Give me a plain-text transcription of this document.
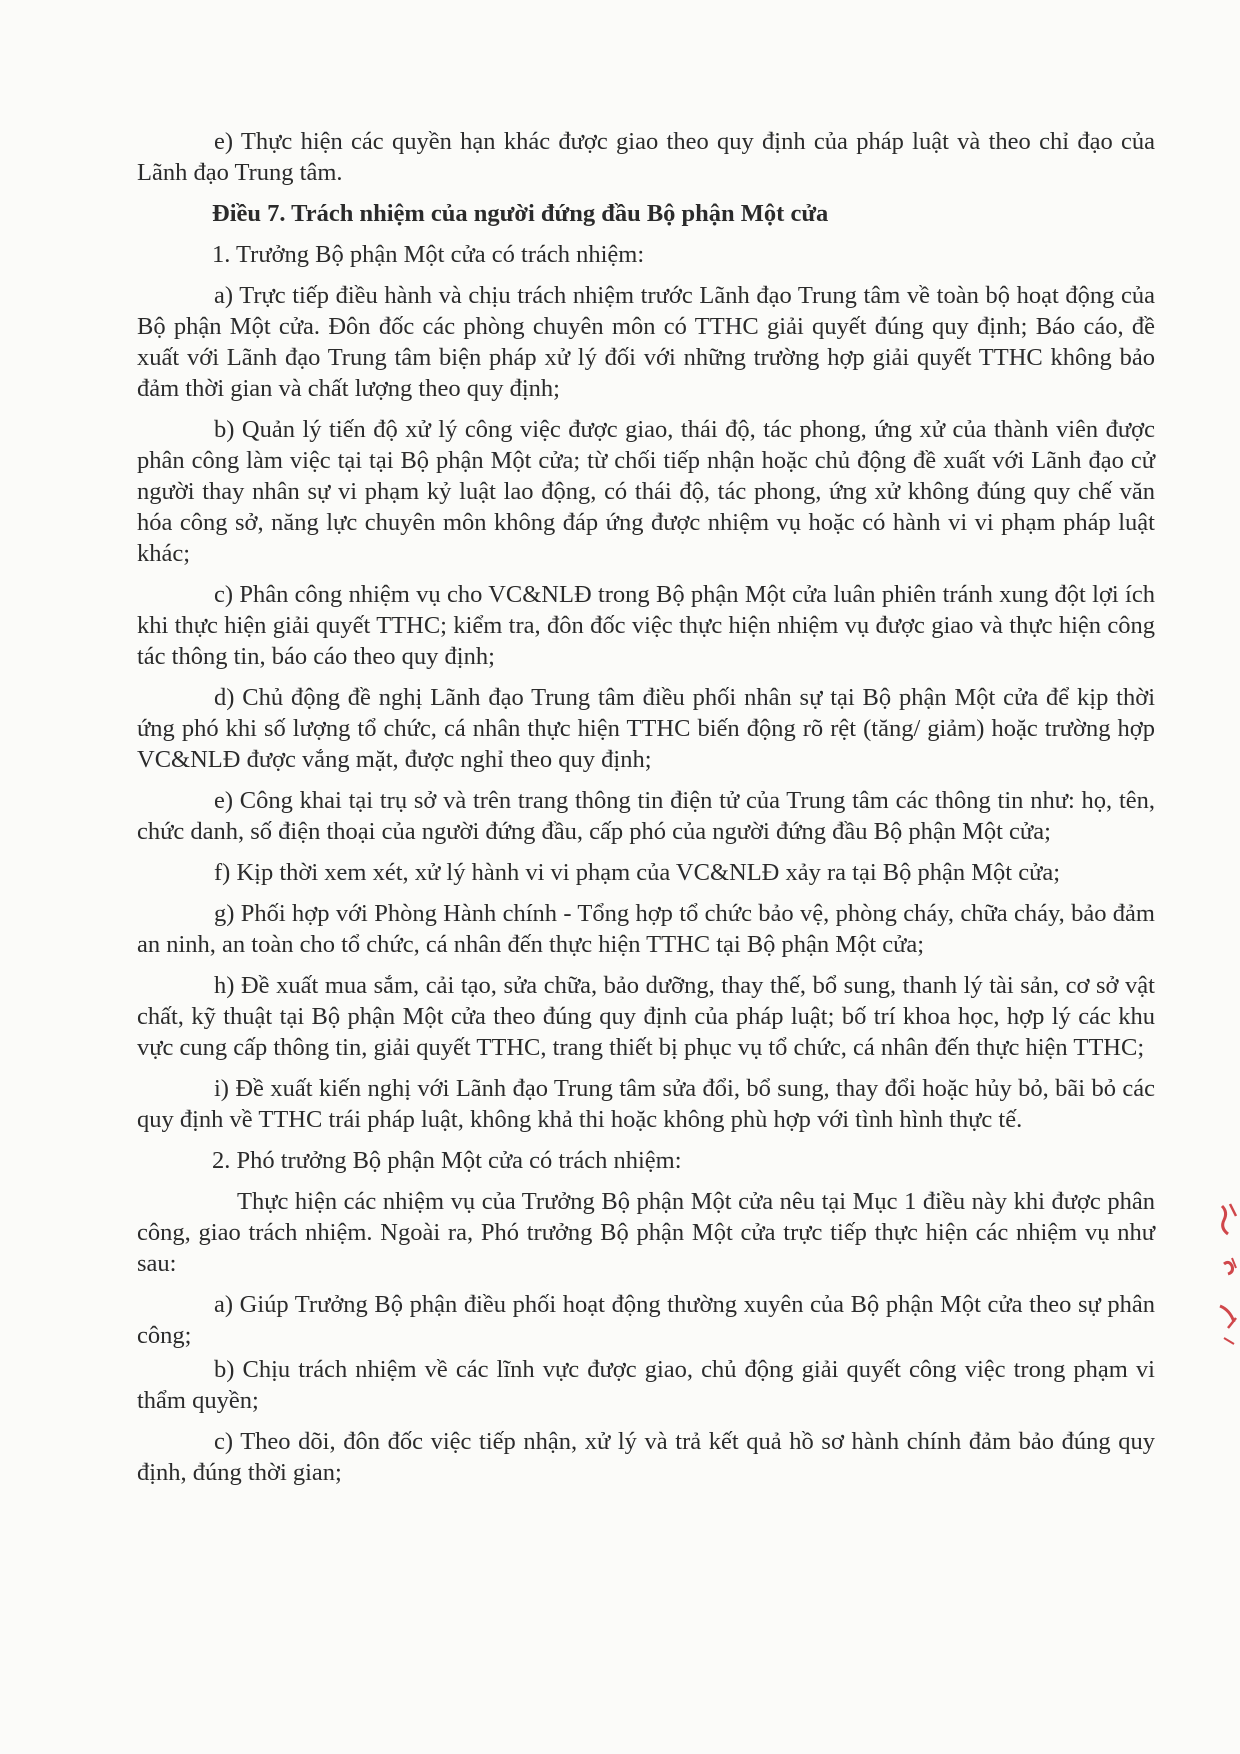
e) Thực hiện các quyền hạn khác được giao theo quy định của pháp luật và theo chỉ đạo của Lãnh đạo Trung tâm.

Điều 7. Trách nhiệm của người đứng đầu Bộ phận Một cửa

1. Trưởng Bộ phận Một cửa có trách nhiệm:

a) Trực tiếp điều hành và chịu trách nhiệm trước Lãnh đạo Trung tâm về toàn bộ hoạt động của Bộ phận Một cửa. Đôn đốc các phòng chuyên môn có TTHC giải quyết đúng quy định; Báo cáo, đề xuất với Lãnh đạo Trung tâm biện pháp xử lý đối với những trường hợp giải quyết TTHC không bảo đảm thời gian và chất lượng theo quy định;

b) Quản lý tiến độ xử lý công việc được giao, thái độ, tác phong, ứng xử của thành viên được phân công làm việc tại tại Bộ phận Một cửa; từ chối tiếp nhận hoặc chủ động đề xuất với Lãnh đạo cử người thay nhân sự vi phạm kỷ luật lao động, có thái độ, tác phong, ứng xử không đúng quy chế văn hóa công sở, năng lực chuyên môn không đáp ứng được nhiệm vụ hoặc có hành vi vi phạm pháp luật khác;

c) Phân công nhiệm vụ cho VC&NLĐ trong Bộ phận Một cửa luân phiên tránh xung đột lợi ích khi thực hiện giải quyết TTHC; kiểm tra, đôn đốc việc thực hiện nhiệm vụ được giao và thực hiện công tác thông tin, báo cáo theo quy định;

d) Chủ động đề nghị Lãnh đạo Trung tâm điều phối nhân sự tại Bộ phận Một cửa để kịp thời ứng phó khi số lượng tổ chức, cá nhân thực hiện TTHC biến động rõ rệt (tăng/ giảm) hoặc trường hợp VC&NLĐ được vắng mặt, được nghỉ theo quy định;

e) Công khai tại trụ sở và trên trang thông tin điện tử của Trung tâm các thông tin như: họ, tên, chức danh, số điện thoại của người đứng đầu, cấp phó của người đứng đầu Bộ phận Một cửa;

f) Kịp thời xem xét, xử lý hành vi vi phạm của VC&NLĐ xảy ra tại Bộ phận Một cửa;

g) Phối hợp với Phòng Hành chính - Tổng hợp tổ chức bảo vệ, phòng cháy, chữa cháy, bảo đảm an ninh, an toàn cho tổ chức, cá nhân đến thực hiện TTHC tại Bộ phận Một cửa;

h) Đề xuất mua sắm, cải tạo, sửa chữa, bảo dưỡng, thay thế, bổ sung, thanh lý tài sản, cơ sở vật chất, kỹ thuật tại Bộ phận Một cửa theo đúng quy định của pháp luật; bố trí khoa học, hợp lý các khu vực cung cấp thông tin, giải quyết TTHC, trang thiết bị phục vụ tổ chức, cá nhân đến thực hiện TTHC;

i) Đề xuất kiến nghị với Lãnh đạo Trung tâm sửa đổi, bổ sung, thay đổi hoặc hủy bỏ, bãi bỏ các quy định về TTHC trái pháp luật, không khả thi hoặc không phù hợp với tình hình thực tế.

2. Phó trưởng Bộ phận Một cửa có trách nhiệm:

Thực hiện các nhiệm vụ của Trưởng Bộ phận Một cửa nêu tại Mục 1 điều này khi được phân công, giao trách nhiệm. Ngoài ra, Phó trưởng Bộ phận Một cửa trực tiếp thực hiện các nhiệm vụ như sau:

a) Giúp Trưởng Bộ phận điều phối hoạt động thường xuyên của Bộ phận Một cửa theo sự phân công;

b) Chịu trách nhiệm về các lĩnh vực được giao, chủ động giải quyết công việc trong phạm vi thẩm quyền;

c) Theo dõi, đôn đốc việc tiếp nhận, xử lý và trả kết quả hồ sơ hành chính đảm bảo đúng quy định, đúng thời gian;
